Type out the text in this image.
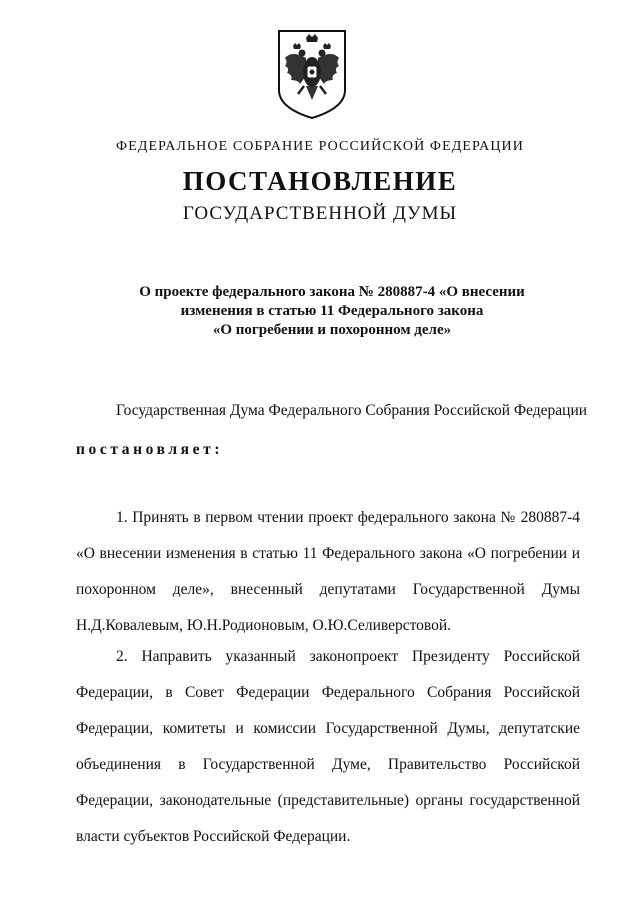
ФЕДЕРАЛЬНОЕ СОБРАНИЕ РОССИЙСКОЙ ФЕДЕРАЦИИ
ПОСТАНОВЛЕНИЕ
ГОСУДАРСТВЕННОЙ ДУМЫ
О проекте федерального закона № 280887-4 «О внесении
изменения в статью 11 Федерального закона
«О погребении и похоронном деле»
Государственная Дума Федерального Собрания Российской Федерации
постановляет:

1. Принять в первом чтении проект федерального закона № 280887-4 «О внесении изменения в статью 11 Федерального закона «О погребении и похоронном деле», внесенный депутатами Государственной Думы Н.Д.Ковалевым, Ю.Н.Родионовым, О.Ю.Селиверстовой.

2. Направить указанный законопроект Президенту Российской Федерации, в Совет Федерации Федерального Собрания Российской Федерации, комитеты и комиссии Государственной Думы, депутатские объединения в Государственной Думе, Правительство Российской Федерации, законодательные (представительные) органы государственной власти субъектов Российской Федерации.
